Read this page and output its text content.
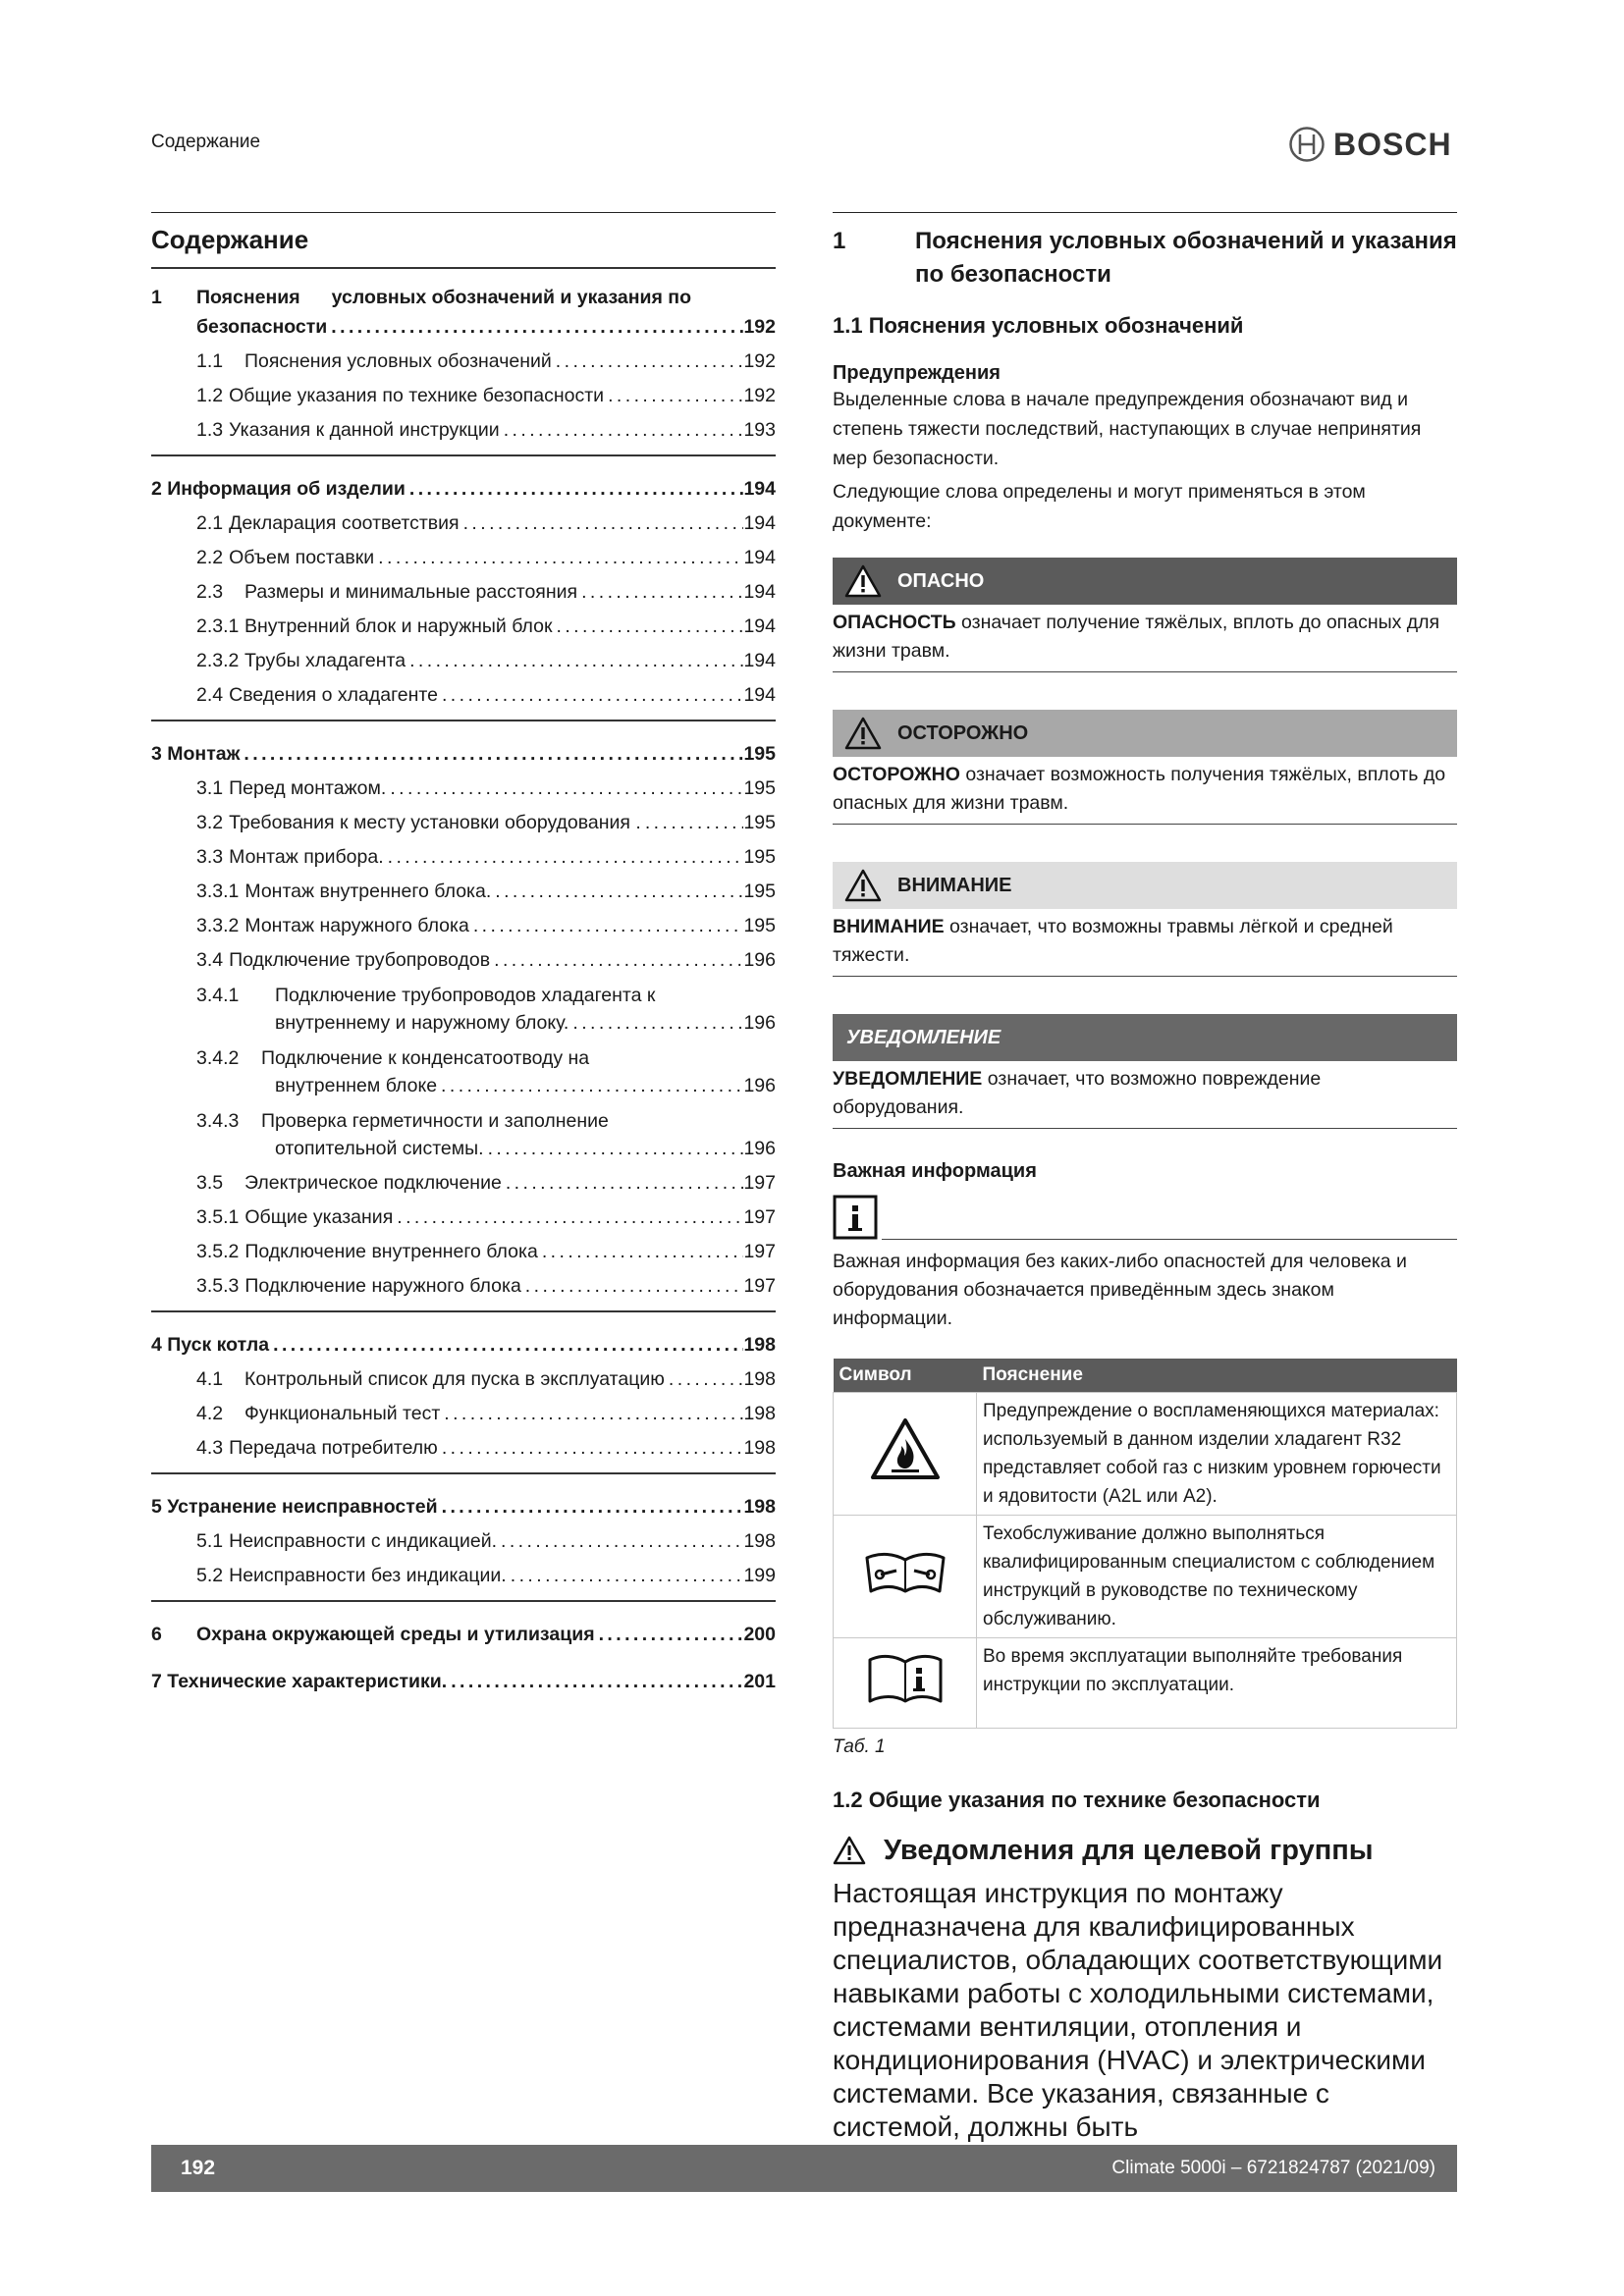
Содержание	BOSCH
Содержание
1	Пояснения условных обозначений и указания по
безопасности . . .	192
1.1	Пояснения условных обозначений . . .	192
1.2 Общие указания по технике безопасности . . .	192
1.3 Указания к данной инструкции . . .	193
2 Информация об изделии . . .	194
2.1 Декларация соответствия . . .	194
2.2 Объем поставки . . .	194
2.3	Размеры и минимальные расстояния . . .	194
2.3.1 Внутренний блок и наружный блок . . .	194
2.3.2 Трубы хладагента . . .	194
2.4 Сведения о хладагенте . . .	194
3 Монтаж . . .	195
3.1 Перед монтажом. . . .	195
3.2 Требования к месту установки оборудования . . . .	195
3.3 Монтаж прибора. . . .	195
3.3.1 Монтаж внутреннего блока. . . .	195
3.3.2 Монтаж наружного блока . . .	195
3.4 Подключение трубопроводов . . .	196
3.4.1	Подключение трубопроводов хладагента к
внутреннему и наружному блоку. . . .	196
3.4.2	Подключение к конденсатоотводу на
внутреннем блоке . . .	196
3.4.3	Проверка герметичности и заполнение
отопительной системы. . . .	196
3.5	Электрическое подключение . . .	197
3.5.1 Общие указания . . .	197
3.5.2 Подключение внутреннего блока . . .	197
3.5.3 Подключение наружного блока . . .	197
4 Пуск котла . . .	198
4.1	Контрольный список для пуска в эксплуатацию . . .	198
4.2	Функциональный тест . . .	198
4.3 Передача потребителю . . .	198
5 Устранение неисправностей . . .	198
5.1 Неисправности с индикацией. . . .	198
5.2 Неисправности без индикации. . . .	199
6	Охрана окружающей среды и утилизация . . .	200
7 Технические характеристики. . . .	201
1	Пояснения условных обозначений и указания
по безопасности
1.1 Пояснения условных обозначений
Предупреждения
Выделенные слова в начале предупреждения обозначают вид и степень тяжести последствий, наступающих в случае непринятия мер безопасности.
Следующие слова определены и могут применяться в этом документе:
ОПАСНО
ОПАСНОСТЬ означает получение тяжёлых, вплоть до опасных для жизни травм.
ОСТОРОЖНО
ОСТОРОЖНО означает возможность получения тяжёлых, вплоть до опасных для жизни травм.
ВНИМАНИЕ
ВНИМАНИЕ означает, что возможны травмы лёгкой и средней тяжести.
УВЕДОМЛЕНИЕ
УВЕДОМЛЕНИЕ означает, что возможно повреждение оборудования.
Важная информация
Важная информация без каких-либо опасностей для человека и оборудования обозначается приведённым здесь знаком информации.
Символ	Пояснение
	Предупреждение о воспламеняющихся материалах: используемый в данном изделии хладагент R32 представляет собой газ с низким уровнем горючести и ядовитости (A2L или A2).
	Техобслуживание должно выполняться квалифицированным специалистом с соблюдением инструкций в руководстве по техническому обслуживанию.
	Во время эксплуатации выполняйте требования инструкции по эксплуатации.
Таб. 1
1.2 Общие указания по технике безопасности
Уведомления для целевой группы
Настоящая инструкция по монтажу предназначена для квалифицированных специалистов, обладающих соответствующими навыками работы с холодильными системами, системами вентиляции, отопления и кондиционирования (HVAC) и электрическими системами. Все указания, связанные с системой, должны быть
192	Climate 5000i – 6721824787 (2021/09)
